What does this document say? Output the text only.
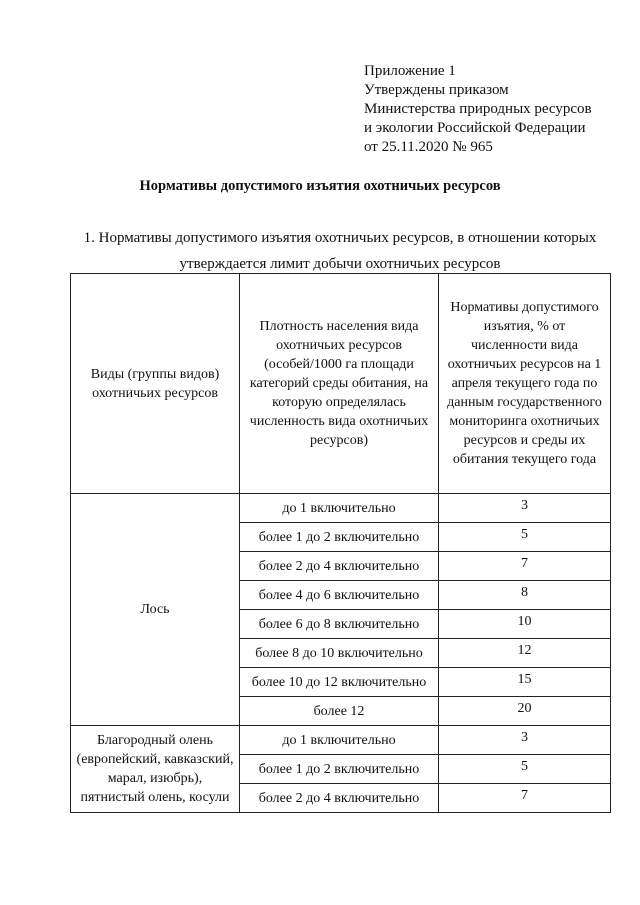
Приложение 1
Утверждены приказом
Министерства природных ресурсов
и экологии Российской Федерации
от 25.11.2020 № 965
Нормативы допустимого изъятия охотничьих ресурсов
1. Нормативы допустимого изъятия охотничьих ресурсов, в отношении которых
утверждается лимит добычи охотничьих ресурсов
Виды (группы видов) охотничьих ресурсов	Плотность населения вида охотничьих ресурсов (особей/1000 га площади категорий среды обитания, на которую определялась численность вида охотничьих ресурсов)	Нормативы допустимого изъятия, % от численности вида охотничьих ресурсов на 1 апреля текущего года по данным государственного мониторинга охотничьих ресурсов и среды их обитания текущего года
Лось	до 1 включительно	3
	более 1 до 2 включительно	5
	более 2 до 4 включительно	7
	более 4 до 6 включительно	8
	более 6 до 8 включительно	10
	более 8 до 10 включительно	12
	более 10 до 12 включительно	15
	более 12	20
Благородный олень (европейский, кавказский, марал, изюбрь), пятнистый олень, косули	до 1 включительно	3
	более 1 до 2 включительно	5
	более 2 до 4 включительно	7
